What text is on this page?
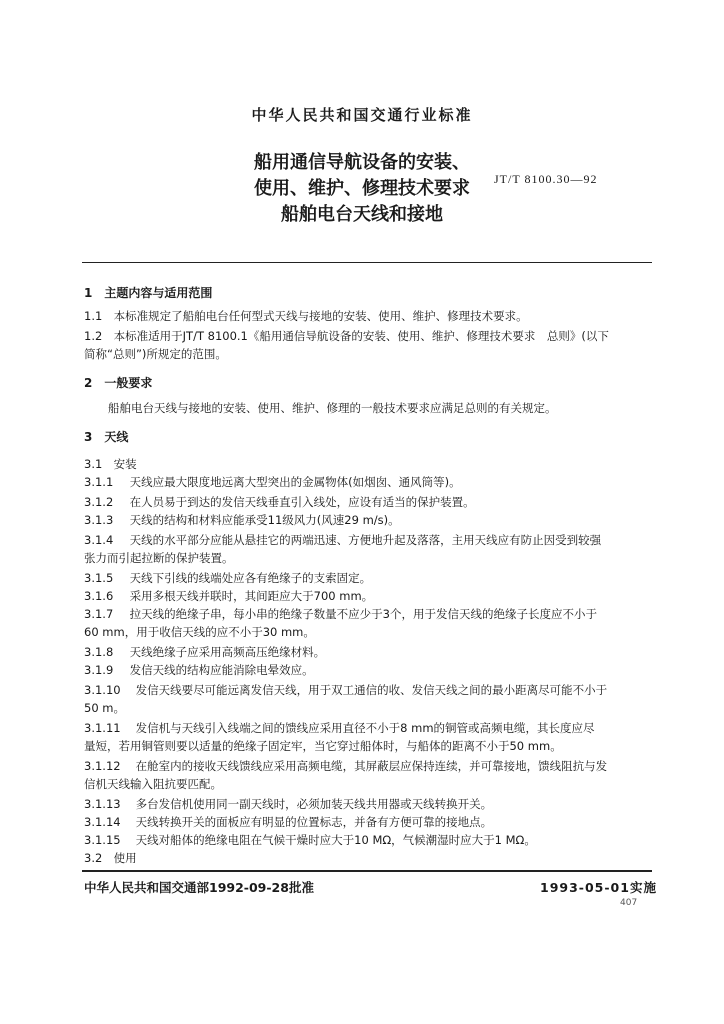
中华人民共和国交通行业标准
船用通信导航设备的安装、
使用、维护、修理技术要求
船舶电台天线和接地
JT/T 8100.30—92
1　主题内容与适用范围
1.1 本标准规定了船舶电台任何型式天线与接地的安装、使用、维护、修理技术要求。
1.2 本标准适用于JT/T 8100.1《船用通信导航设备的安装、使用、维护、修理技术要求　总则》(以下
简称“总则”)所规定的范围。
2　一般要求
船舶电台天线与接地的安装、使用、维护、修理的一般技术要求应满足总则的有关规定。
3　天线
3.1 安装
3.1.1 天线应最大限度地远离大型突出的金属物体(如烟囱、通风筒等)。
3.1.2 在人员易于到达的发信天线垂直引入线处，应设有适当的保护装置。
3.1.3 天线的结构和材料应能承受11级风力(风速29 m/s)。
3.1.4 天线的水平部分应能从悬挂它的两端迅速、方便地升起及落落，主用天线应有防止因受到较强
张力而引起拉断的保护装置。
3.1.5 天线下引线的线端处应各有绝缘子的支索固定。
3.1.6 采用多根天线并联时，其间距应大于700 mm。
3.1.7 拉天线的绝缘子串，每小串的绝缘子数量不应少于3个，用于发信天线的绝缘子长度应不小于
60 mm，用于收信天线的应不小于30 mm。
3.1.8 天线绝缘子应采用高频高压绝缘材料。
3.1.9 发信天线的结构应能消除电晕效应。
3.1.10 发信天线要尽可能远离发信天线，用于双工通信的收、发信天线之间的最小距离尽可能不小于
50 m。
3.1.11 发信机与天线引入线端之间的馈线应采用直径不小于8 mm的铜管或高频电缆，其长度应尽
量短，若用铜管则要以适量的绝缘子固定牢，当它穿过船体时，与船体的距离不小于50 mm。
3.1.12 在舱室内的接收天线馈线应采用高频电缆，其屏蔽层应保持连续，并可靠接地，馈线阻抗与发
信机天线输入阻抗要匹配。
3.1.13 多台发信机使用同一副天线时，必须加装天线共用器或天线转换开关。
3.1.14 天线转换开关的面板应有明显的位置标志，并备有方便可靠的接地点。
3.1.15 天线对船体的绝缘电阻在气候干燥时应大于10 MΩ，气候潮湿时应大于1 MΩ。
3.2 使用
中华人民共和国交通部1992-09-28批准	1993-05-01实施
407
